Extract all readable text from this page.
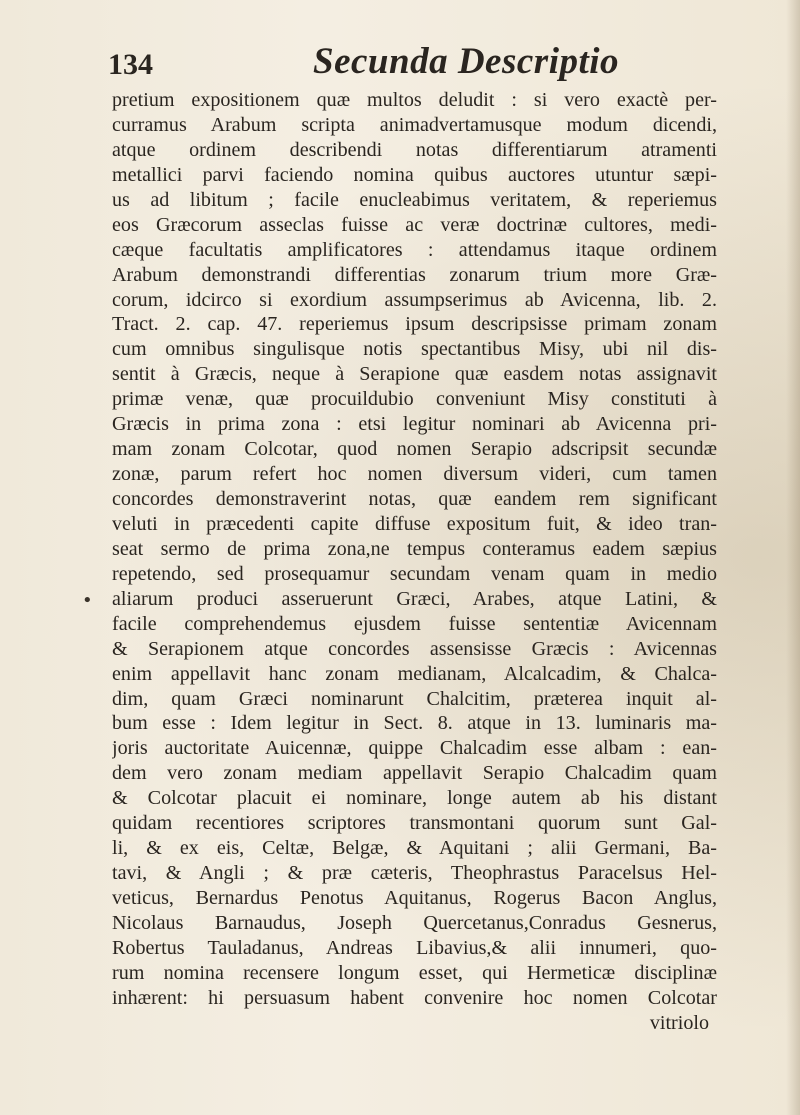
134	Secunda Descriptio
•
pretium expositionem quæ multos deludit : si vero exactè per-
curramus Arabum scripta animadvertamusque modum dicendi,
atque ordinem describendi notas differentiarum atramenti
metallici parvi faciendo nomina quibus auctores utuntur sæpi-
us ad libitum ; facile enucleabimus veritatem, & reperiemus
eos Græcorum asseclas fuisse ac veræ doctrinæ cultores, medi-
cæque facultatis amplificatores : attendamus itaque ordinem
Arabum demonstrandi differentias zonarum trium more Græ-
corum, idcirco si exordium assumpserimus ab Avicenna, lib. 2.
Tract. 2. cap. 47. reperiemus ipsum descripsisse primam zonam
cum omnibus singulisque notis spectantibus Misy, ubi nil dis-
sentit à Græcis, neque à Serapione quæ easdem notas assignavit
primæ venæ, quæ procuildubio conveniunt Misy constituti à
Græcis in prima zona : etsi legitur nominari ab Avicenna pri-
mam zonam Colcotar, quod nomen Serapio adscripsit secundæ
zonæ, parum refert hoc nomen diversum videri, cum tamen
concordes demonstraverint notas, quæ eandem rem significant
veluti in præcedenti capite diffuse expositum fuit, & ideo tran-
seat sermo de prima zona,ne tempus conteramus eadem sæpius
repetendo, sed prosequamur secundam venam quam in medio
aliarum produci asseruerunt Græci, Arabes, atque Latini, &
facile comprehendemus ejusdem fuisse sententiæ Avicennam
& Serapionem atque concordes assensisse Græcis : Avicennas
enim appellavit hanc zonam medianam, Alcalcadim, & Chalca-
dim, quam Græci nominarunt Chalcitim, præterea inquit al-
bum esse : Idem legitur in Sect. 8. atque in 13. luminaris ma-
joris auctoritate Auicennæ, quippe Chalcadim esse albam : ean-
dem vero zonam mediam appellavit Serapio Chalcadim quam
& Colcotar placuit ei nominare, longe autem ab his distant
quidam recentiores scriptores transmontani quorum sunt Gal-
li, & ex eis, Celtæ, Belgæ, & Aquitani ; alii Germani, Ba-
tavi, & Angli ; & præ cæteris, Theophrastus Paracelsus Hel-
veticus, Bernardus Penotus Aquitanus, Rogerus Bacon Anglus,
Nicolaus Barnaudus, Joseph Quercetanus,Conradus Gesnerus,
Robertus Tauladanus, Andreas Libavius,& alii innumeri, quo-
rum nomina recensere longum esset, qui Hermeticæ disciplinæ
inhærent: hi persuasum habent convenire hoc nomen Colcotar
vitriolo
